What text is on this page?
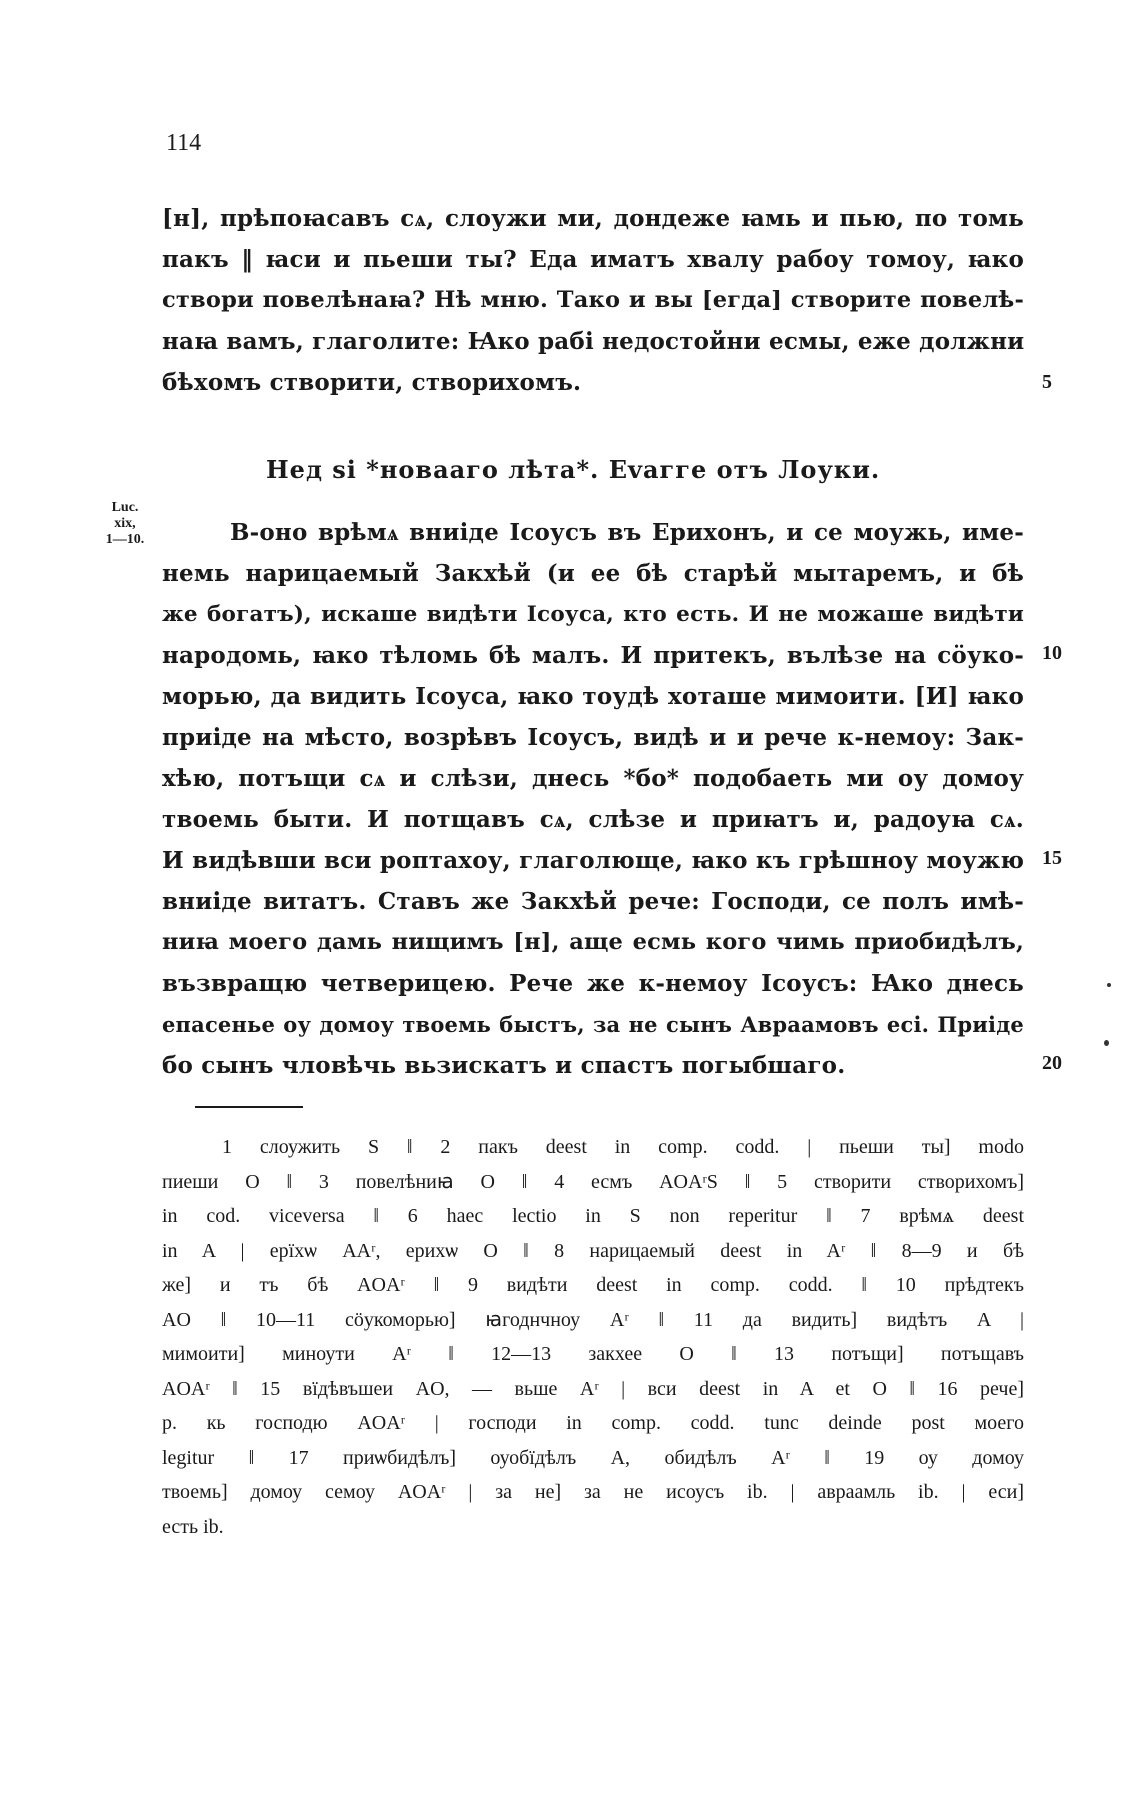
114
[н], прѣпоꙗсавъ сѧ, слоужи ми, дондеже ꙗмь и пью, по томь
пакъ ‖ ꙗси и пьеши ты? Еда иматъ хвалу рабоу томоу, ꙗко
створи повелѣнаꙗ? Нѣ мню. Тако и вы [егда] створите повелѣ-
наꙗ вамъ, глаголите: Ꙗко рабі недостойни есмы, еже должни
бѣхомъ створити, створихомъ.	5
Нед ѕі *новааго лѣта*. Еvагге отъ Лоуки.
Luc.
xix,
1—10.	В-оно врѣмѧ вниіде Ісоусъ въ Ерихонъ, и се моужь, име-
немь нарицаемый Закхѣй (и ее бѣ старѣй мытаремъ, и бѣ
же богатъ), искаше видѣти Ісоуса, кто есть. И не можаше видѣти
народомь, ꙗко тѣломь бѣ малъ. И притекъ, вълѣзе на сӧуко-
морью, да видить Ісоуса, ꙗко тоудѣ хоташе мимоити. [И] ꙗко
приіде на мѣсто, возрѣвъ Ісоусъ, видѣ и и рече к-немоу: Зак-
хѣю, потъщи сѧ и слѣзи, днесь *бо* подобаеть ми оу домоу
твоемь быти. И потщавъ сѧ, слѣзе и приꙗтъ и, радоуꙗ сѧ.
И видѣвши вси роптахоу, глаголюще, ꙗко къ грѣшноу моужю
вниіде витатъ. Ставъ же Закхѣй рече: Господи, се полъ имѣ-
ниꙗ моего дамь нищимъ [н], аще есмь кого чимь приобидѣлъ,
възвращю четверицею. Рече же к-немоу Ісоусъ: Ꙗко днесь
епасенье оу домоу твоемь быстъ, за не сынъ Авраамовъ есі. Приіде
бо сынъ чловѣчь вьзискатъ и спастъ погыбшаго.
10
15
20
1 слоужить S ‖ 2 пакъ deest in comp. codd. | пьеши ты] modo
пиеши O ‖ 3 повелѣниꙗ O ‖ 4 есмъ AOAʳS ‖ 5 створити створихомъ]
in cod. viceversa ‖ 6 haec lectio in S non reperitur ‖ 7 врѣмѧ deest
in A | ерїхѡ AAʳ, ерихѡ O ‖ 8 нарицаемый deest in Aʳ ‖ 8—9 и бѣ
же] и тъ бѣ AOAʳ ‖ 9 видѣти deest in comp. codd. ‖ 10 прѣдтекъ
AO ‖ 10—11 сӧукоморью] ꙗгоднчноу Aʳ ‖ 11 да видить] видѣтъ A |
мимоити] миноути Aʳ ‖ 12—13 закхее O ‖ 13 потъщи] потъщавъ
AOAʳ ‖ 15 вїдѣвъшеи AO, — вьше Aʳ | вси deest in A et O ‖ 16 рече]
р. кь господю AOAʳ | господи in comp. codd. tunc deinde post моего
legitur ‖ 17 приѡбидѣлъ] оуобїдѣлъ A, обидѣлъ Aʳ ‖ 19 оу домоу
твоемь] домоу семоу AOAʳ | за не] за не исоусъ ib. | авраамль ib. | еси]
есть ib.
